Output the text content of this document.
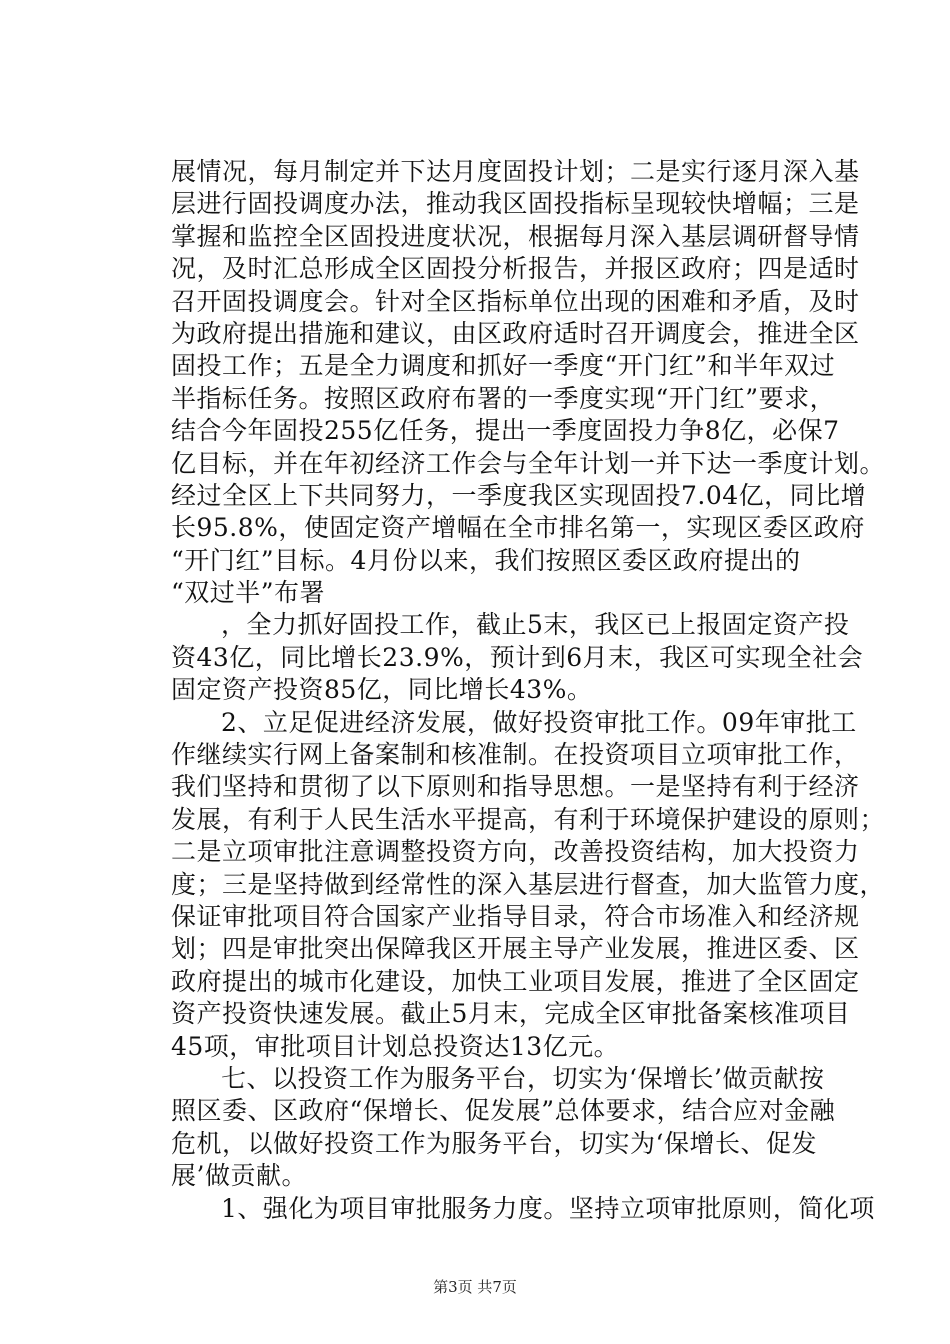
展情况，每月制定并下达月度固投计划；二是实行逐月深入基
层进行固投调度办法，推动我区固投指标呈现较快增幅；三是
掌握和监控全区固投进度状况，根据每月深入基层调研督导情
况，及时汇总形成全区固投分析报告，并报区政府；四是适时
召开固投调度会。针对全区指标单位出现的困难和矛盾，及时
为政府提出措施和建议，由区政府适时召开调度会，推进全区
固投工作；五是全力调度和抓好一季度“开门红”和半年双过
半指标任务。按照区政府布署的一季度实现“开门红”要求，
结合今年固投255亿任务，提出一季度固投力争8亿，必保7
亿目标，并在年初经济工作会与全年计划一并下达一季度计划。
经过全区上下共同努力，一季度我区实现固投7.04亿，同比增
长95.8%，使固定资产增幅在全市排名第一，实现区委区政府
“开门红”目标。4月份以来，我们按照区委区政府提出的
“双过半”布署
，全力抓好固投工作，截止5末，我区已上报固定资产投
资43亿，同比增长23.9%，预计到6月末，我区可实现全社会
固定资产投资85亿，同比增长43%。
2、立足促进经济发展，做好投资审批工作。09年审批工
作继续实行网上备案制和核准制。在投资项目立项审批工作，
我们坚持和贯彻了以下原则和指导思想。一是坚持有利于经济
发展，有利于人民生活水平提高，有利于环境保护建设的原则；
二是立项审批注意调整投资方向，改善投资结构，加大投资力
度；三是坚持做到经常性的深入基层进行督查，加大监管力度，
保证审批项目符合国家产业指导目录，符合市场准入和经济规
划；四是审批突出保障我区开展主导产业发展，推进区委、区
政府提出的城市化建设，加快工业项目发展，推进了全区固定
资产投资快速发展。截止5月末，完成全区审批备案核准项目
45项，审批项目计划总投资达13亿元。
七、以投资工作为服务平台，切实为‘保增长’做贡献按
照区委、区政府“保增长、促发展”总体要求，结合应对金融
危机，以做好投资工作为服务平台，切实为‘保增长、促发
展’做贡献。
1、强化为项目审批服务力度。坚持立项审批原则，简化项
第3页 共7页
